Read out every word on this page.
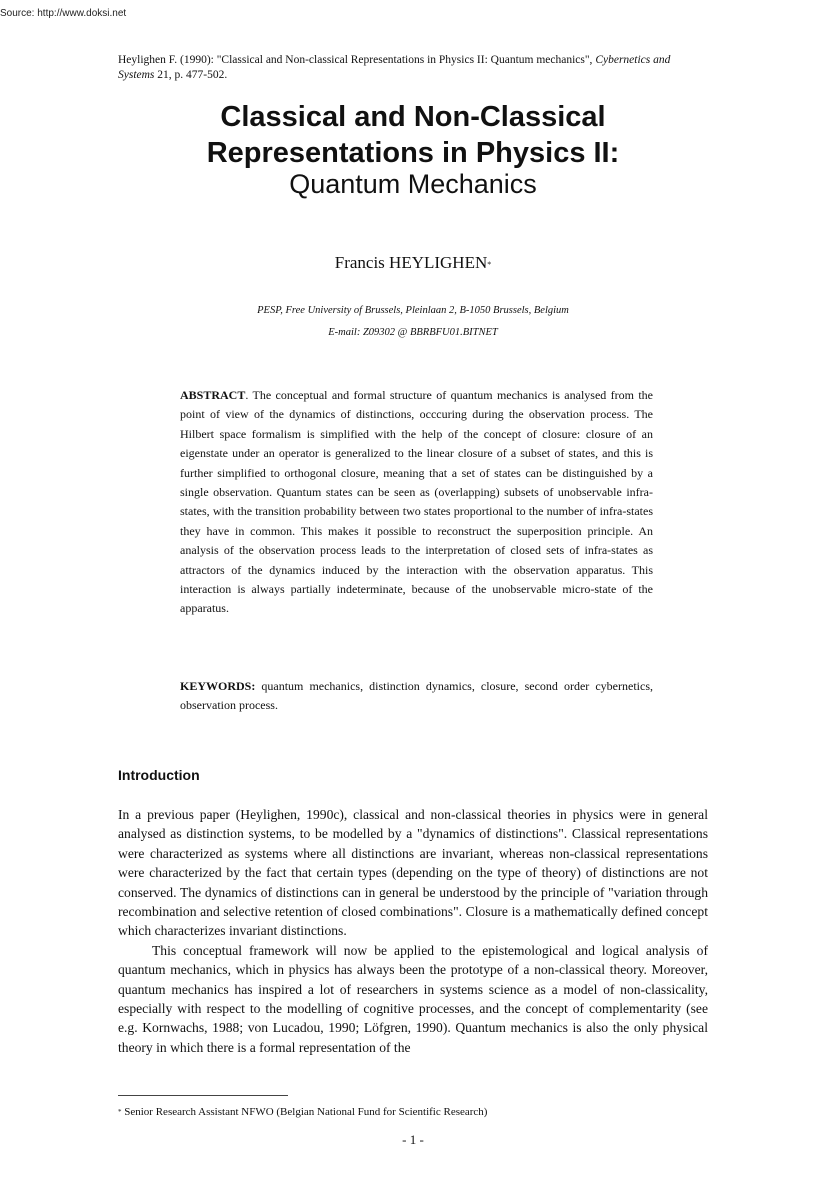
Source: http://www.doksi.net
Heylighen F. (1990): "Classical and Non-classical Representations in Physics II: Quantum mechanics", Cybernetics and Systems 21, p. 477-502.
Classical and Non-Classical
Representations in Physics II:
Quantum Mechanics
Francis HEYLIGHEN*
PESP, Free University of Brussels, Pleinlaan 2, B-1050 Brussels, Belgium
E-mail: Z09302 @ BBRBFU01.BITNET
ABSTRACT. The conceptual and formal structure of quantum mechanics is analysed from the point of view of the dynamics of distinctions, occcuring during the observation process. The Hilbert space formalism is simplified with the help of the concept of closure: closure of an eigenstate under an operator is generalized to the linear closure of a subset of states, and this is further simplified to orthogonal closure, meaning that a set of states can be distinguished by a single observation. Quantum states can be seen as (overlapping) subsets of unobservable infra-states, with the transition probability between two states proportional to the number of infra-states they have in common. This makes it possible to reconstruct the superposition principle. An analysis of the observation process leads to the interpretation of closed sets of infra-states as attractors of the dynamics induced by the interaction with the observation apparatus. This interaction is always partially indeterminate, because of the unobservable micro-state of the apparatus.
KEYWORDS: quantum mechanics, distinction dynamics, closure, second order cybernetics, observation process.
Introduction

In a previous paper (Heylighen, 1990c), classical and non-classical theories in physics were in general analysed as distinction systems, to be modelled by a "dynamics of distinctions". Classical representations were characterized as systems where all distinctions are invariant, whereas non-classical representations were characterized by the fact that certain types (depending on the type of theory) of distinctions are not conserved. The dynamics of distinctions can in general be understood by the principle of "variation through recombination and selective retention of closed combinations". Closure is a mathematically defined concept which characterizes invariant distinctions.

This conceptual framework will now be applied to the epistemological and logical analysis of quantum mechanics, which in physics has always been the prototype of a non-classical theory. Moreover, quantum mechanics has inspired a lot of researchers in systems science as a model of non-classicality, especially with respect to the modelling of cognitive processes, and the concept of complementarity (see e.g. Kornwachs, 1988; von Lucadou, 1990; Löfgren, 1990). Quantum mechanics is also the only physical theory in which there is a formal representation of the

* Senior Research Assistant NFWO (Belgian National Fund for Scientific Research)
- 1 -
